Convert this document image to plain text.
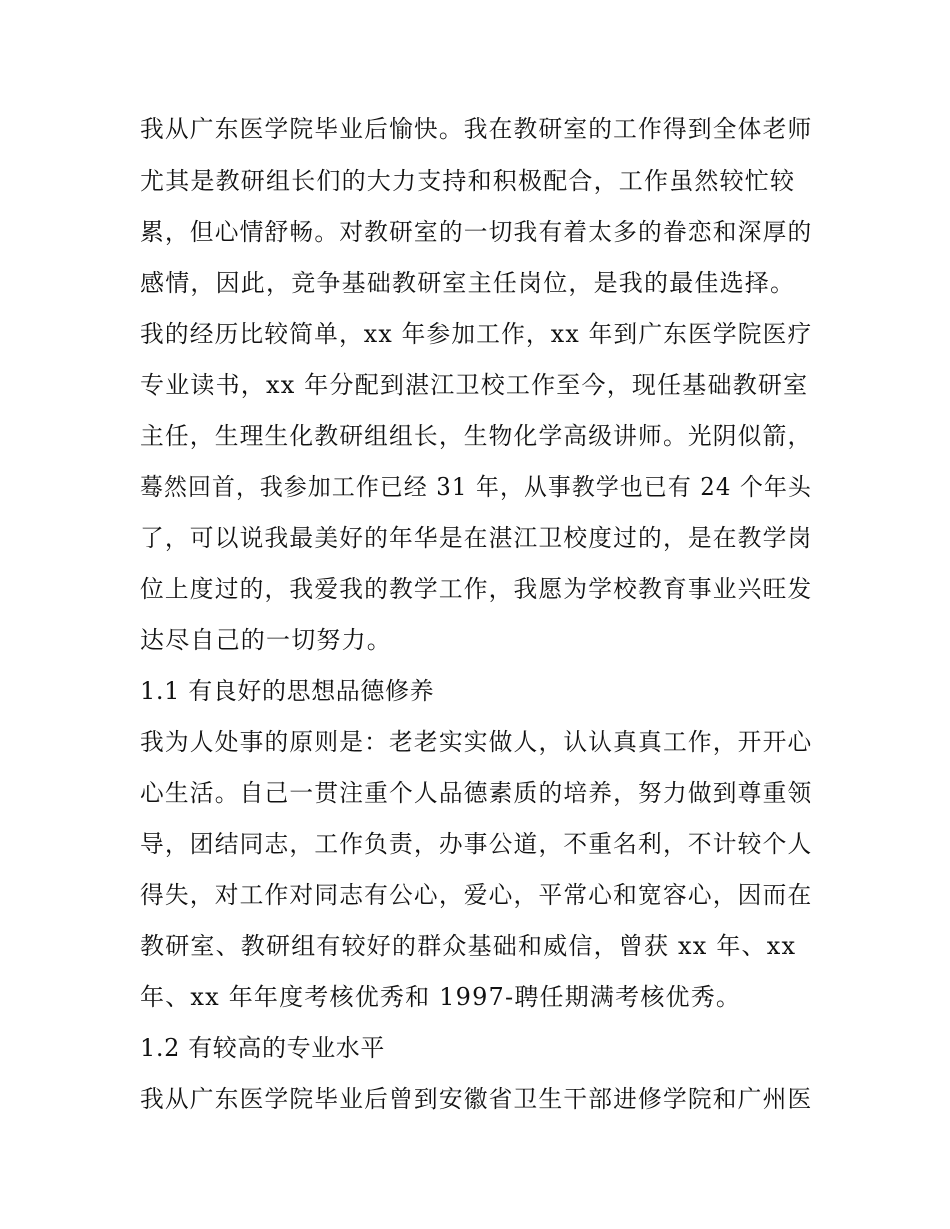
我从广东医学院毕业后愉快。我在教研室的工作得到全体老师
尤其是教研组长们的大力支持和积极配合，工作虽然较忙较
累，但心情舒畅。对教研室的一切我有着太多的眷恋和深厚的
感情，因此，竞争基础教研室主任岗位，是我的最佳选择。
我的经历比较简单，xx 年参加工作，xx 年到广东医学院医疗
专业读书，xx 年分配到湛江卫校工作至今，现任基础教研室
主任，生理生化教研组组长，生物化学高级讲师。光阴似箭，
蓦然回首，我参加工作已经 31 年，从事教学也已有 24 个年头
了，可以说我最美好的年华是在湛江卫校度过的，是在教学岗
位上度过的，我爱我的教学工作，我愿为学校教育事业兴旺发
达尽自己的一切努力。
1.1 有良好的思想品德修养
我为人处事的原则是：老老实实做人，认认真真工作，开开心
心生活。自己一贯注重个人品德素质的培养，努力做到尊重领
导，团结同志，工作负责，办事公道，不重名利，不计较个人
得失，对工作对同志有公心，爱心，平常心和宽容心，因而在
教研室、教研组有较好的群众基础和威信，曾获 xx 年、xx
年、xx 年年度考核优秀和 1997-聘任期满考核优秀。
1.2 有较高的专业水平
我从广东医学院毕业后曾到安徽省卫生干部进修学院和广州医
